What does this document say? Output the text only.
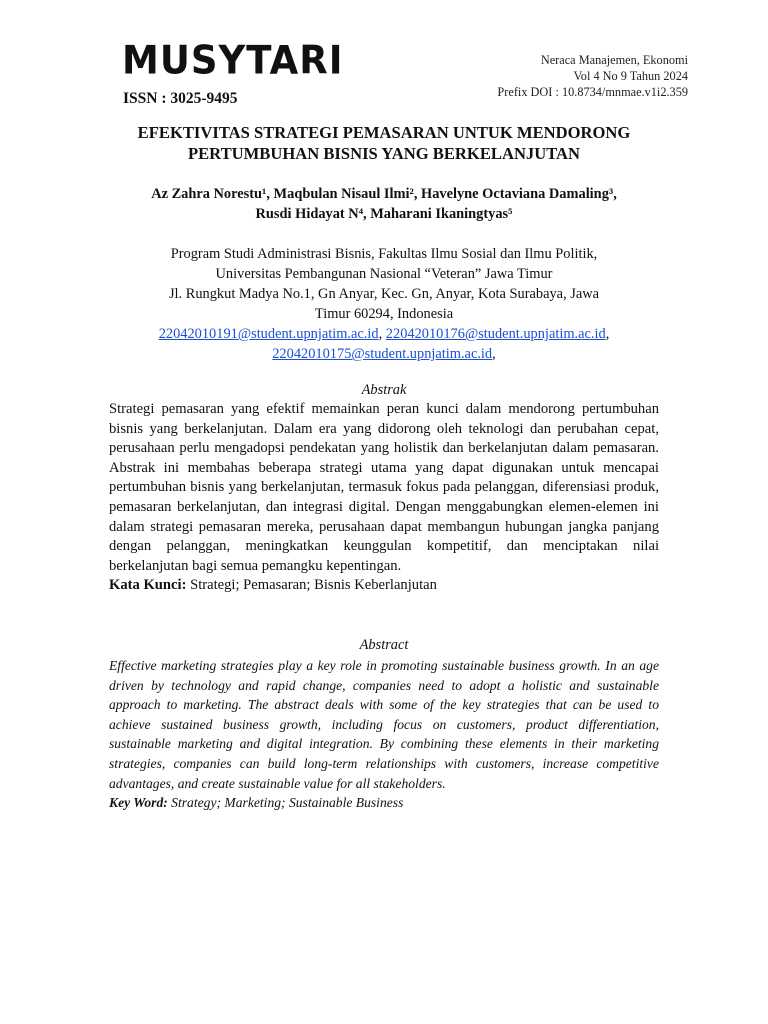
MUSYTARI
ISSN : 3025-9495
Neraca Manajemen, Ekonomi
Vol 4 No 9 Tahun 2024
Prefix DOI : 10.8734/mnmae.v1i2.359
EFEKTIVITAS STRATEGI PEMASARAN UNTUK MENDORONG
PERTUMBUHAN BISNIS YANG BERKELANJUTAN
Az Zahra Norestu¹, Maqbulan Nisaul Ilmi², Havelyne Octaviana Damaling³,
Rusdi Hidayat N⁴, Maharani Ikaningtyas⁵
Program Studi Administrasi Bisnis, Fakultas Ilmu Sosial dan Ilmu Politik,
Universitas Pembangunan Nasional “Veteran” Jawa Timur
Jl. Rungkut Madya No.1, Gn Anyar, Kec. Gn, Anyar, Kota Surabaya, Jawa
Timur 60294, Indonesia
22042010191@student.upnjatim.ac.id, 22042010176@student.upnjatim.ac.id,
22042010175@student.upnjatim.ac.id,
Abstrak
Strategi pemasaran yang efektif memainkan peran kunci dalam mendorong pertumbuhan bisnis yang berkelanjutan. Dalam era yang didorong oleh teknologi dan perubahan cepat, perusahaan perlu mengadopsi pendekatan yang holistik dan berkelanjutan dalam pemasaran. Abstrak ini membahas beberapa strategi utama yang dapat digunakan untuk mencapai pertumbuhan bisnis yang berkelanjutan, termasuk fokus pada pelanggan, diferensiasi produk, pemasaran berkelanjutan, dan integrasi digital. Dengan menggabungkan elemen-elemen ini dalam strategi pemasaran mereka, perusahaan dapat membangun hubungan jangka panjang dengan pelanggan, meningkatkan keunggulan kompetitif, dan menciptakan nilai berkelanjutan bagi semua pemangku kepentingan.
Kata Kunci: Strategi; Pemasaran; Bisnis Keberlanjutan
Abstract
Effective marketing strategies play a key role in promoting sustainable business growth. In an age driven by technology and rapid change, companies need to adopt a holistic and sustainable approach to marketing. The abstract deals with some of the key strategies that can be used to achieve sustained business growth, including focus on customers, product differentiation, sustainable marketing and digital integration. By combining these elements in their marketing strategies, companies can build long-term relationships with customers, increase competitive advantages, and create sustainable value for all stakeholders.
Key Word: Strategy; Marketing; Sustainable Business
